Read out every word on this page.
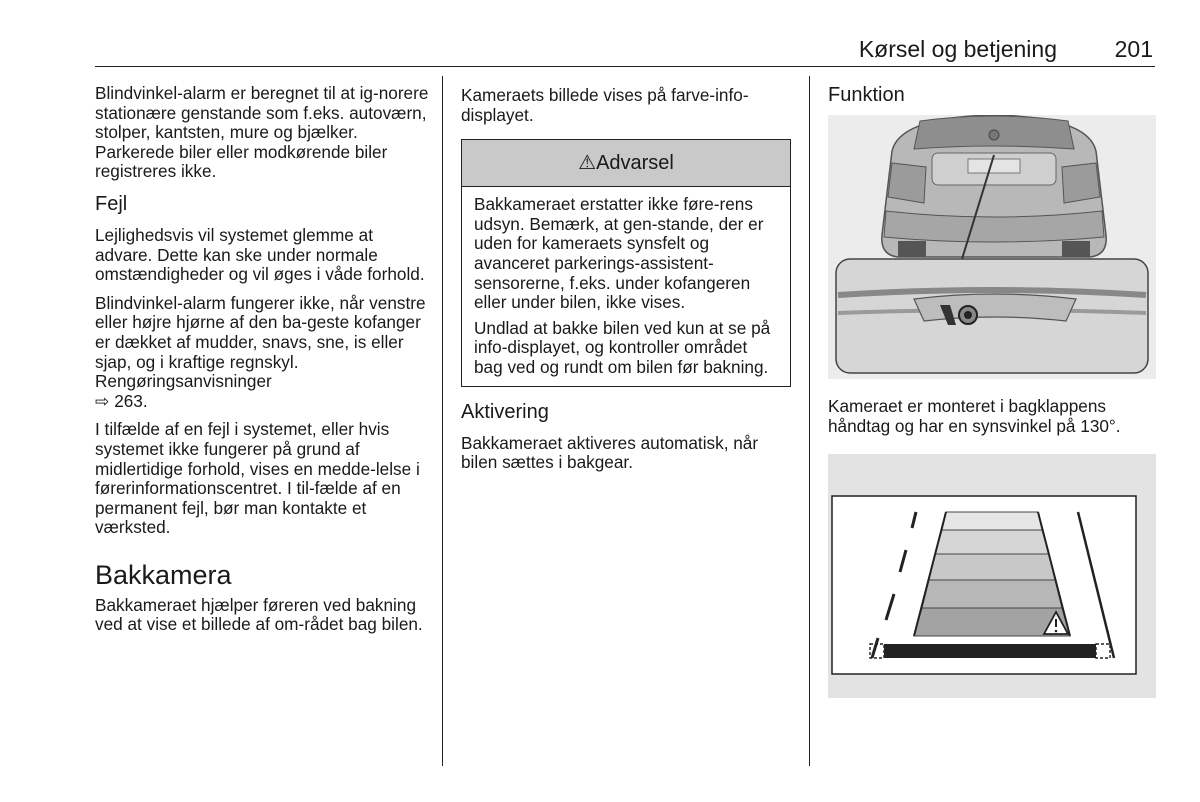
Kørsel og betjening	201

Blindvinkel-alarm er beregnet til at ig-norere stationære genstande som f.eks. autoværn, stolper, kantsten, mure og bjælker. Parkerede biler eller modkørende biler registreres ikke.

Fejl

Lejlighedsvis vil systemet glemme at advare. Dette kan ske under normale omstændigheder og vil øges i våde forhold.

Blindvinkel-alarm fungerer ikke, når venstre eller højre hjørne af den ba-geste kofanger er dækket af mudder, snavs, sne, is eller sjap, og i kraftige regnskyl. Rengøringsanvisninger
⇨ 263.

I tilfælde af en fejl i systemet, eller hvis systemet ikke fungerer på grund af midlertidige forhold, vises en medde-lelse i førerinformationscentret. I til-fælde af en permanent fejl, bør man kontakte et værksted.

Bakkamera

Bakkameraet hjælper føreren ved bakning ved at vise et billede af om-rådet bag bilen.

Kameraets billede vises på farve-info-displayet.

⚠Advarsel

Bakkameraet erstatter ikke føre-rens udsyn. Bemærk, at gen-stande, der er uden for kameraets synsfelt og avanceret parkerings-assistent-sensorerne, f.eks. under kofangeren eller under bilen, ikke vises.

Undlad at bakke bilen ved kun at se på info-displayet, og kontroller området bag ved og rundt om bilen før bakning.

Aktivering

Bakkameraet aktiveres automatisk, når bilen sættes i bakgear.

Funktion

Kameraet er monteret i bagklappens håndtag og har en synsvinkel på 130°.
